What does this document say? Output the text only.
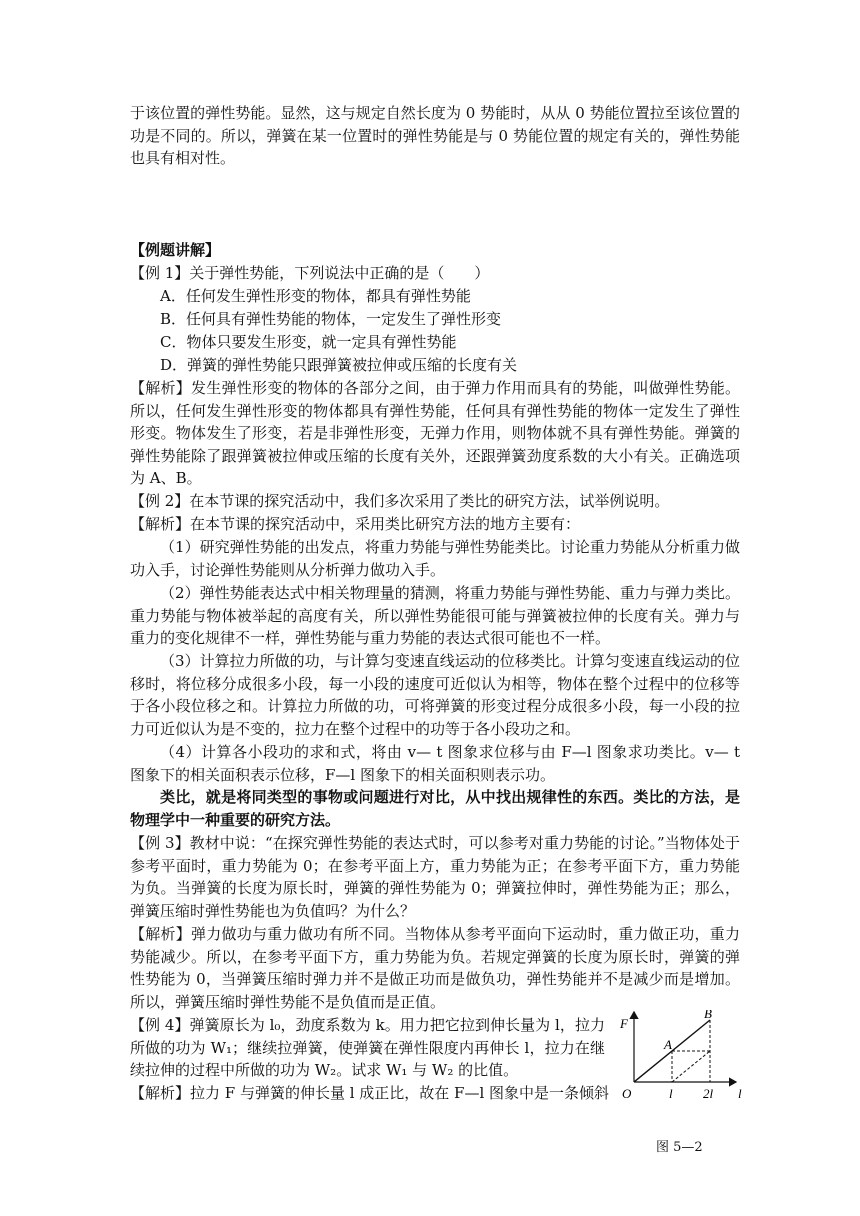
于该位置的弹性势能。显然，这与规定自然长度为 0 势能时，从从 0 势能位置拉至该位置的功是不同的。所以，弹簧在某一位置时的弹性势能是与 0 势能位置的规定有关的，弹性势能也具有相对性。

【例题讲解】
【例 1】关于弹性势能，下列说法中正确的是（　　）
A．任何发生弹性形变的物体，都具有弹性势能
B．任何具有弹性势能的物体，一定发生了弹性形变
C．物体只要发生形变，就一定具有弹性势能
D．弹簧的弹性势能只跟弹簧被拉伸或压缩的长度有关

【解析】发生弹性形变的物体的各部分之间，由于弹力作用而具有的势能，叫做弹性势能。所以，任何发生弹性形变的物体都具有弹性势能，任何具有弹性势能的物体一定发生了弹性形变。物体发生了形变，若是非弹性形变，无弹力作用，则物体就不具有弹性势能。弹簧的弹性势能除了跟弹簧被拉伸或压缩的长度有关外，还跟弹簧劲度系数的大小有关。正确选项为 A、B。

【例 2】在本节课的探究活动中，我们多次采用了类比的研究方法，试举例说明。
【解析】在本节课的探究活动中，采用类比研究方法的地方主要有：

（1）研究弹性势能的出发点，将重力势能与弹性势能类比。讨论重力势能从分析重力做功入手，讨论弹性势能则从分析弹力做功入手。

（2）弹性势能表达式中相关物理量的猜测，将重力势能与弹性势能、重力与弹力类比。重力势能与物体被举起的高度有关，所以弹性势能很可能与弹簧被拉伸的长度有关。弹力与重力的变化规律不一样，弹性势能与重力势能的表达式很可能也不一样。

（3）计算拉力所做的功，与计算匀变速直线运动的位移类比。计算匀变速直线运动的位移时，将位移分成很多小段，每一小段的速度可近似认为相等，物体在整个过程中的位移等于各小段位移之和。计算拉力所做的功，可将弹簧的形变过程分成很多小段，每一小段的拉力可近似认为是不变的，拉力在整个过程中的功等于各小段功之和。

（4）计算各小段功的求和式，将由 v— t 图象求位移与由 F—l 图象求功类比。v— t 图象下的相关面积表示位移，F—l 图象下的相关面积则表示功。

类比，就是将同类型的事物或问题进行对比，从中找出规律性的东西。类比的方法，是物理学中一种重要的研究方法。

【例 3】教材中说：“在探究弹性势能的表达式时，可以参考对重力势能的讨论。”当物体处于参考平面时，重力势能为 0；在参考平面上方，重力势能为正；在参考平面下方，重力势能为负。当弹簧的长度为原长时，弹簧的弹性势能为 0；弹簧拉伸时，弹性势能为正；那么，弹簧压缩时弹性势能也为负值吗？为什么？

【解析】弹力做功与重力做功有所不同。当物体从参考平面向下运动时，重力做正功，重力势能减少。所以，在参考平面下方，重力势能为负。若规定弹簧的长度为原长时，弹簧的弹性势能为 0，当弹簧压缩时弹力并不是做正功而是做负功，弹性势能并不是减少而是增加。所以，弹簧压缩时弹性势能不是负值而是正值。

【例 4】弹簧原长为 l₀，劲度系数为 k。用力把它拉到伸长量为 l，拉力所做的功为 W₁；继续拉弹簧，使弹簧在弹性限度内再伸长 l，拉力在继续拉伸的过程中所做的功为 W₂。试求 W₁ 与 W₂ 的比值。

【解析】拉力 F 与弹簧的伸长量 l 成正比，故在 F—l 图象中是一条倾斜
F
O
A
B
l 2l l
图 5—2
